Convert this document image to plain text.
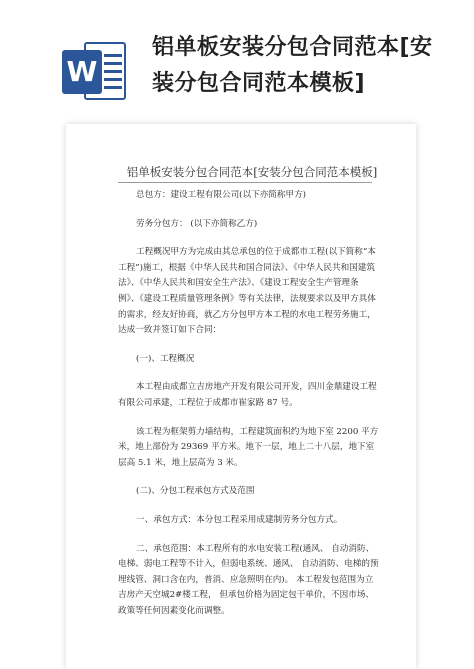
W
铝单板安装分包合同范本[安
装分包合同范本模板]
铝单板安装分包合同范本[安装分包合同范本模板]

总包方：建设工程有限公司(以下亦简称甲方)

劳务分包方： (以下亦简称乙方)

工程概况甲方为完成由其总承包的位于成都市工程(以下简称“本工程”)施工，根据《中华人民共和国合同法》、《中华人民共和国建筑法》、《中华人民共和国安全生产法》、《建设工程安全生产管理条例》、《建设工程质量管理条例》等有关法律，法规要求以及甲方具体的需求，经友好协商，就乙方分包甲方本工程的水电工程劳务施工，达成一致并签订如下合同：

(一)、工程概况

本工程由成都立吉房地产开发有限公司开发，四川金鼎建设工程有限公司承建，工程位于成都市崔家路 87 号。

该工程为框架剪力墙结构，工程建筑面积约为地下室 2200 平方米，地上部份为 29369 平方米。地下一层，地上二十八层，地下室层高 5.1 米，地上层高为 3 米。

(二)、分包工程承包方式及范围

一、承包方式：本分包工程采用成建制劳务分包方式。

二、承包范围：本工程所有的水电安装工程(通风、 自动消防、电梯、弱电工程等不计入，但弱电系统、通风、 自动消防、电梯的预埋线管、洞口含在内，普消、应急照明在内)。 本工程发包范围为立吉房产天空城2#楼工程， 但承包价格为固定包干单价，不因市场、政策等任何因素变化而调整。
